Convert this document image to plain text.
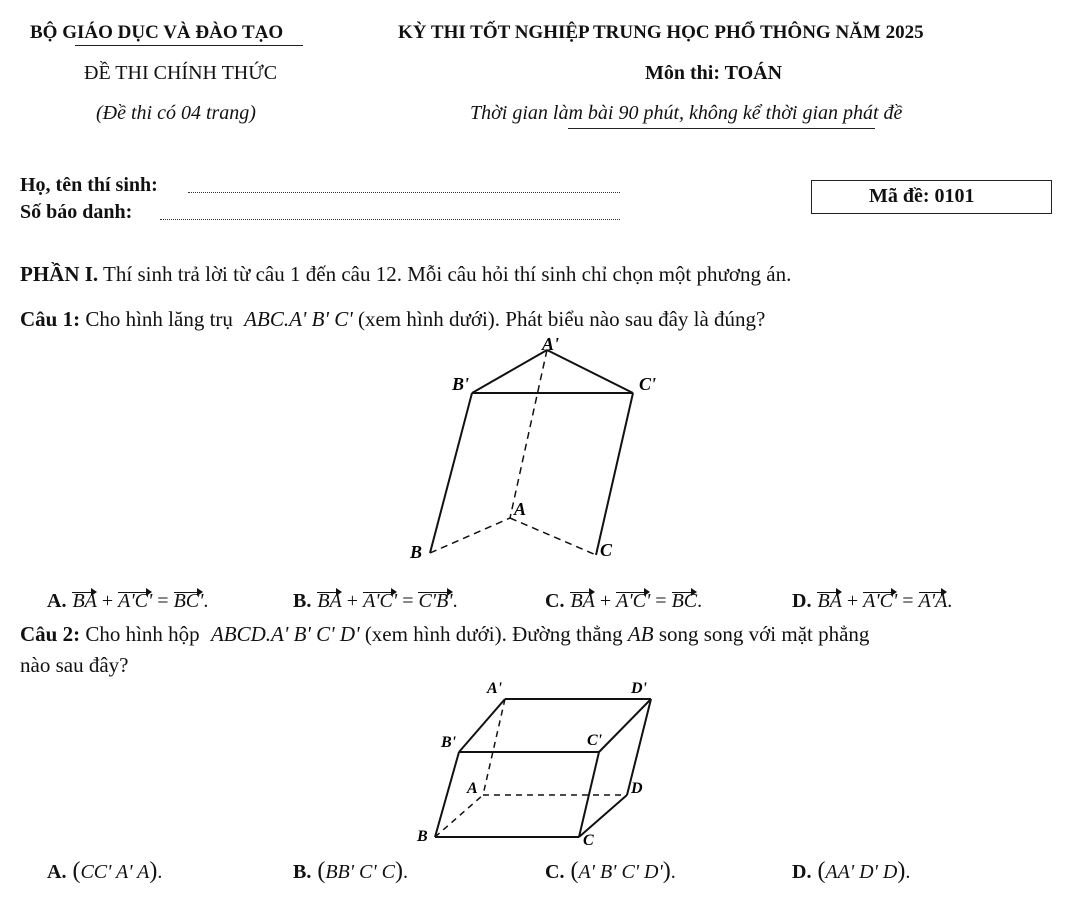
BỘ GIÁO DỤC VÀ ĐÀO TẠO
ĐỀ THI CHÍNH THỨC
(Đề thi có 04 trang)
KỲ THI TỐT NGHIỆP TRUNG HỌC PHỔ THÔNG NĂM 2025
Môn thi: TOÁN
Thời gian làm bài 90 phút, không kể thời gian phát đề
Họ, tên thí sinh:
Số báo danh:
Mã đề: 0101
PHẦN I. Thí sinh trả lời từ câu 1 đến câu 12. Mỗi câu hỏi thí sinh chỉ chọn một phương án.
Câu 1: Cho hình lăng trụ ABC.A' B' C' (xem hình dưới). Phát biểu nào sau đây là đúng?
A'
B'	C'
A
B	C
A. BA + A'C' = BC'.	B. BA + A'C' = C'B'.	C. BA + A'C' = BC.	D. BA + A'C' = A'A.
Câu 2: Cho hình hộp ABCD.A' B' C' D' (xem hình dưới). Đường thẳng AB song song với mặt phẳng
nào sau đây?
A'	D'
B'	C'
A	D
B	C
A. (CC' A' A).	B. (BB' C' C).	C. (A' B' C' D').	D. (AA' D' D).
